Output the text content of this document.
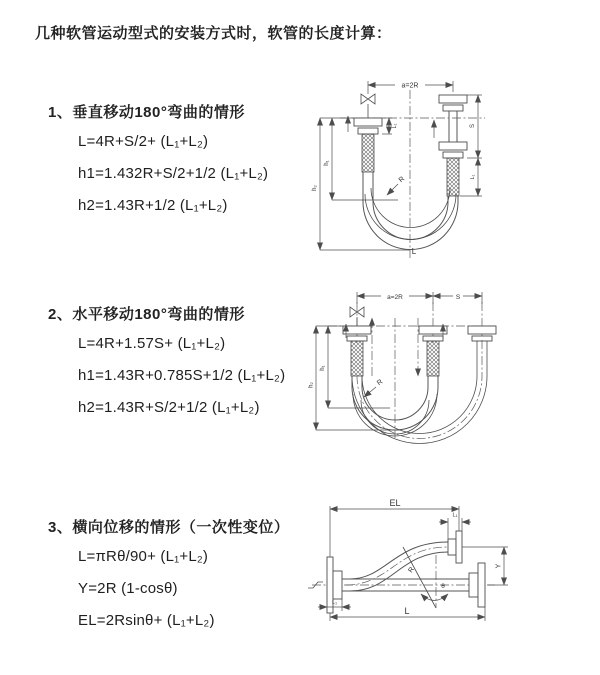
几种软管运动型式的安装方式时，软管的长度计算：
1、垂直移动180°弯曲的情形
L=4R+S/2+ (L₁+L₂)
h1=1.432R+S/2+1/2 (L₁+L₂)
h2=1.43R+1/2 (L₁+L₂)
2、水平移动180°弯曲的情形
L=4R+1.57S+ (L₁+L₂)
h1=1.43R+0.785S+1/2 (L₁+L₂)
h2=1.43R+S/2+1/2 (L₁+L₂)
3、横向位移的情形（一次性变位）
L=πRθ/90+ (L₁+L₂)
Y=2R (1-cosθ)
EL=2Rsinθ+ (L₁+L₂)
a=2R
L₁
R
h₁
h₂
S
L₁
L
a=2R	S
R
h₁
h₂
EL
L₁
Y
R
θ
L
L₁
